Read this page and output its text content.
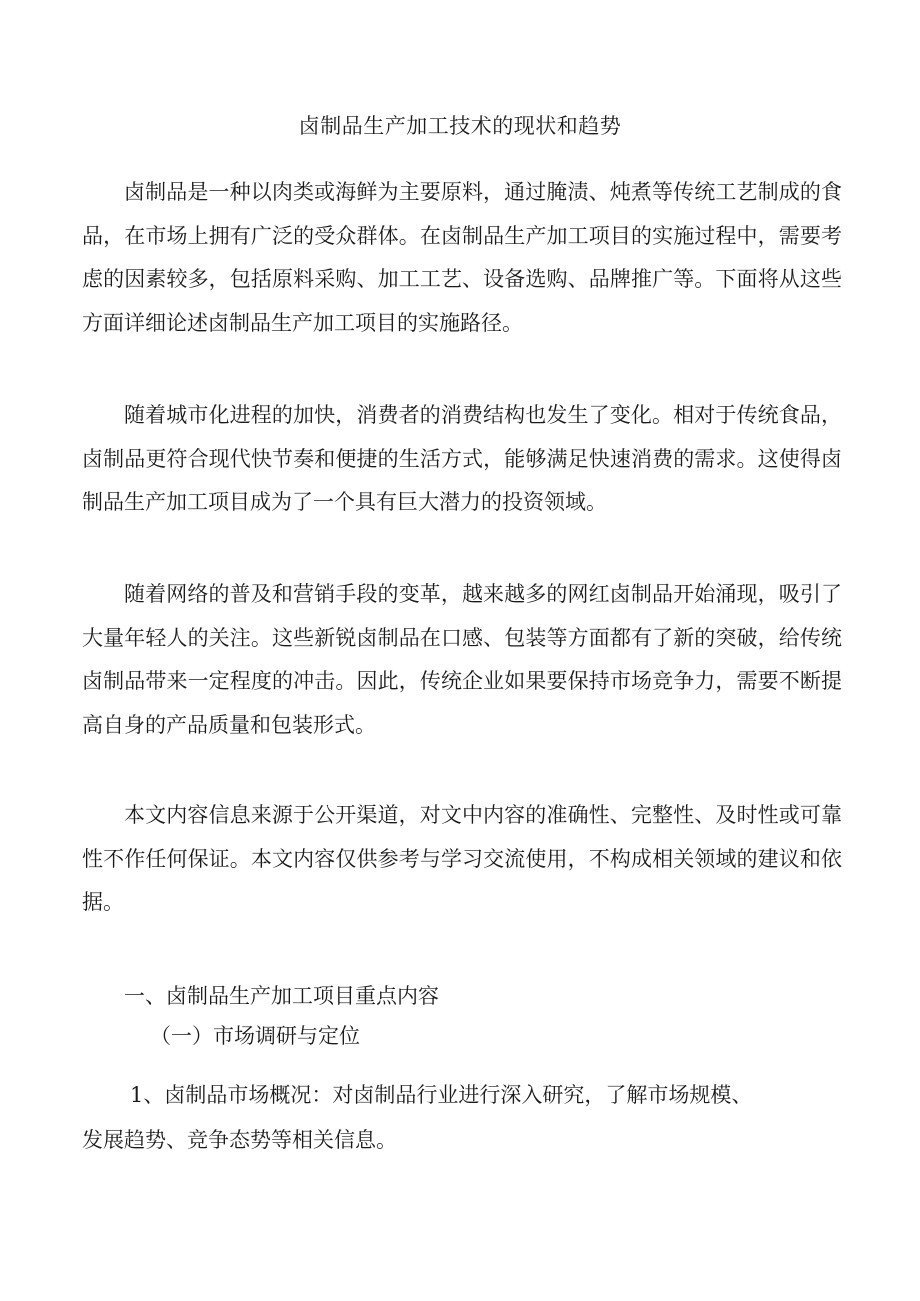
卤制品生产加工技术的现状和趋势

卤制品是一种以肉类或海鲜为主要原料，通过腌渍、炖煮等传统工艺制成的食品，在市场上拥有广泛的受众群体。在卤制品生产加工项目的实施过程中，需要考虑的因素较多，包括原料采购、加工工艺、设备选购、品牌推广等。下面将从这些方面详细论述卤制品生产加工项目的实施路径。

随着城市化进程的加快，消费者的消费结构也发生了变化。相对于传统食品，卤制品更符合现代快节奏和便捷的生活方式，能够满足快速消费的需求。这使得卤制品生产加工项目成为了一个具有巨大潜力的投资领域。

随着网络的普及和营销手段的变革，越来越多的网红卤制品开始涌现，吸引了大量年轻人的关注。这些新锐卤制品在口感、包装等方面都有了新的突破，给传统卤制品带来一定程度的冲击。因此，传统企业如果要保持市场竞争力，需要不断提高自身的产品质量和包装形式。

本文内容信息来源于公开渠道，对文中内容的准确性、完整性、及时性或可靠性不作任何保证。本文内容仅供参考与学习交流使用，不构成相关领域的建议和依据。

一、卤制品生产加工项目重点内容
（一）市场调研与定位
1、卤制品市场概况：对卤制品行业进行深入研究，了解市场规模、
发展趋势、竞争态势等相关信息。
